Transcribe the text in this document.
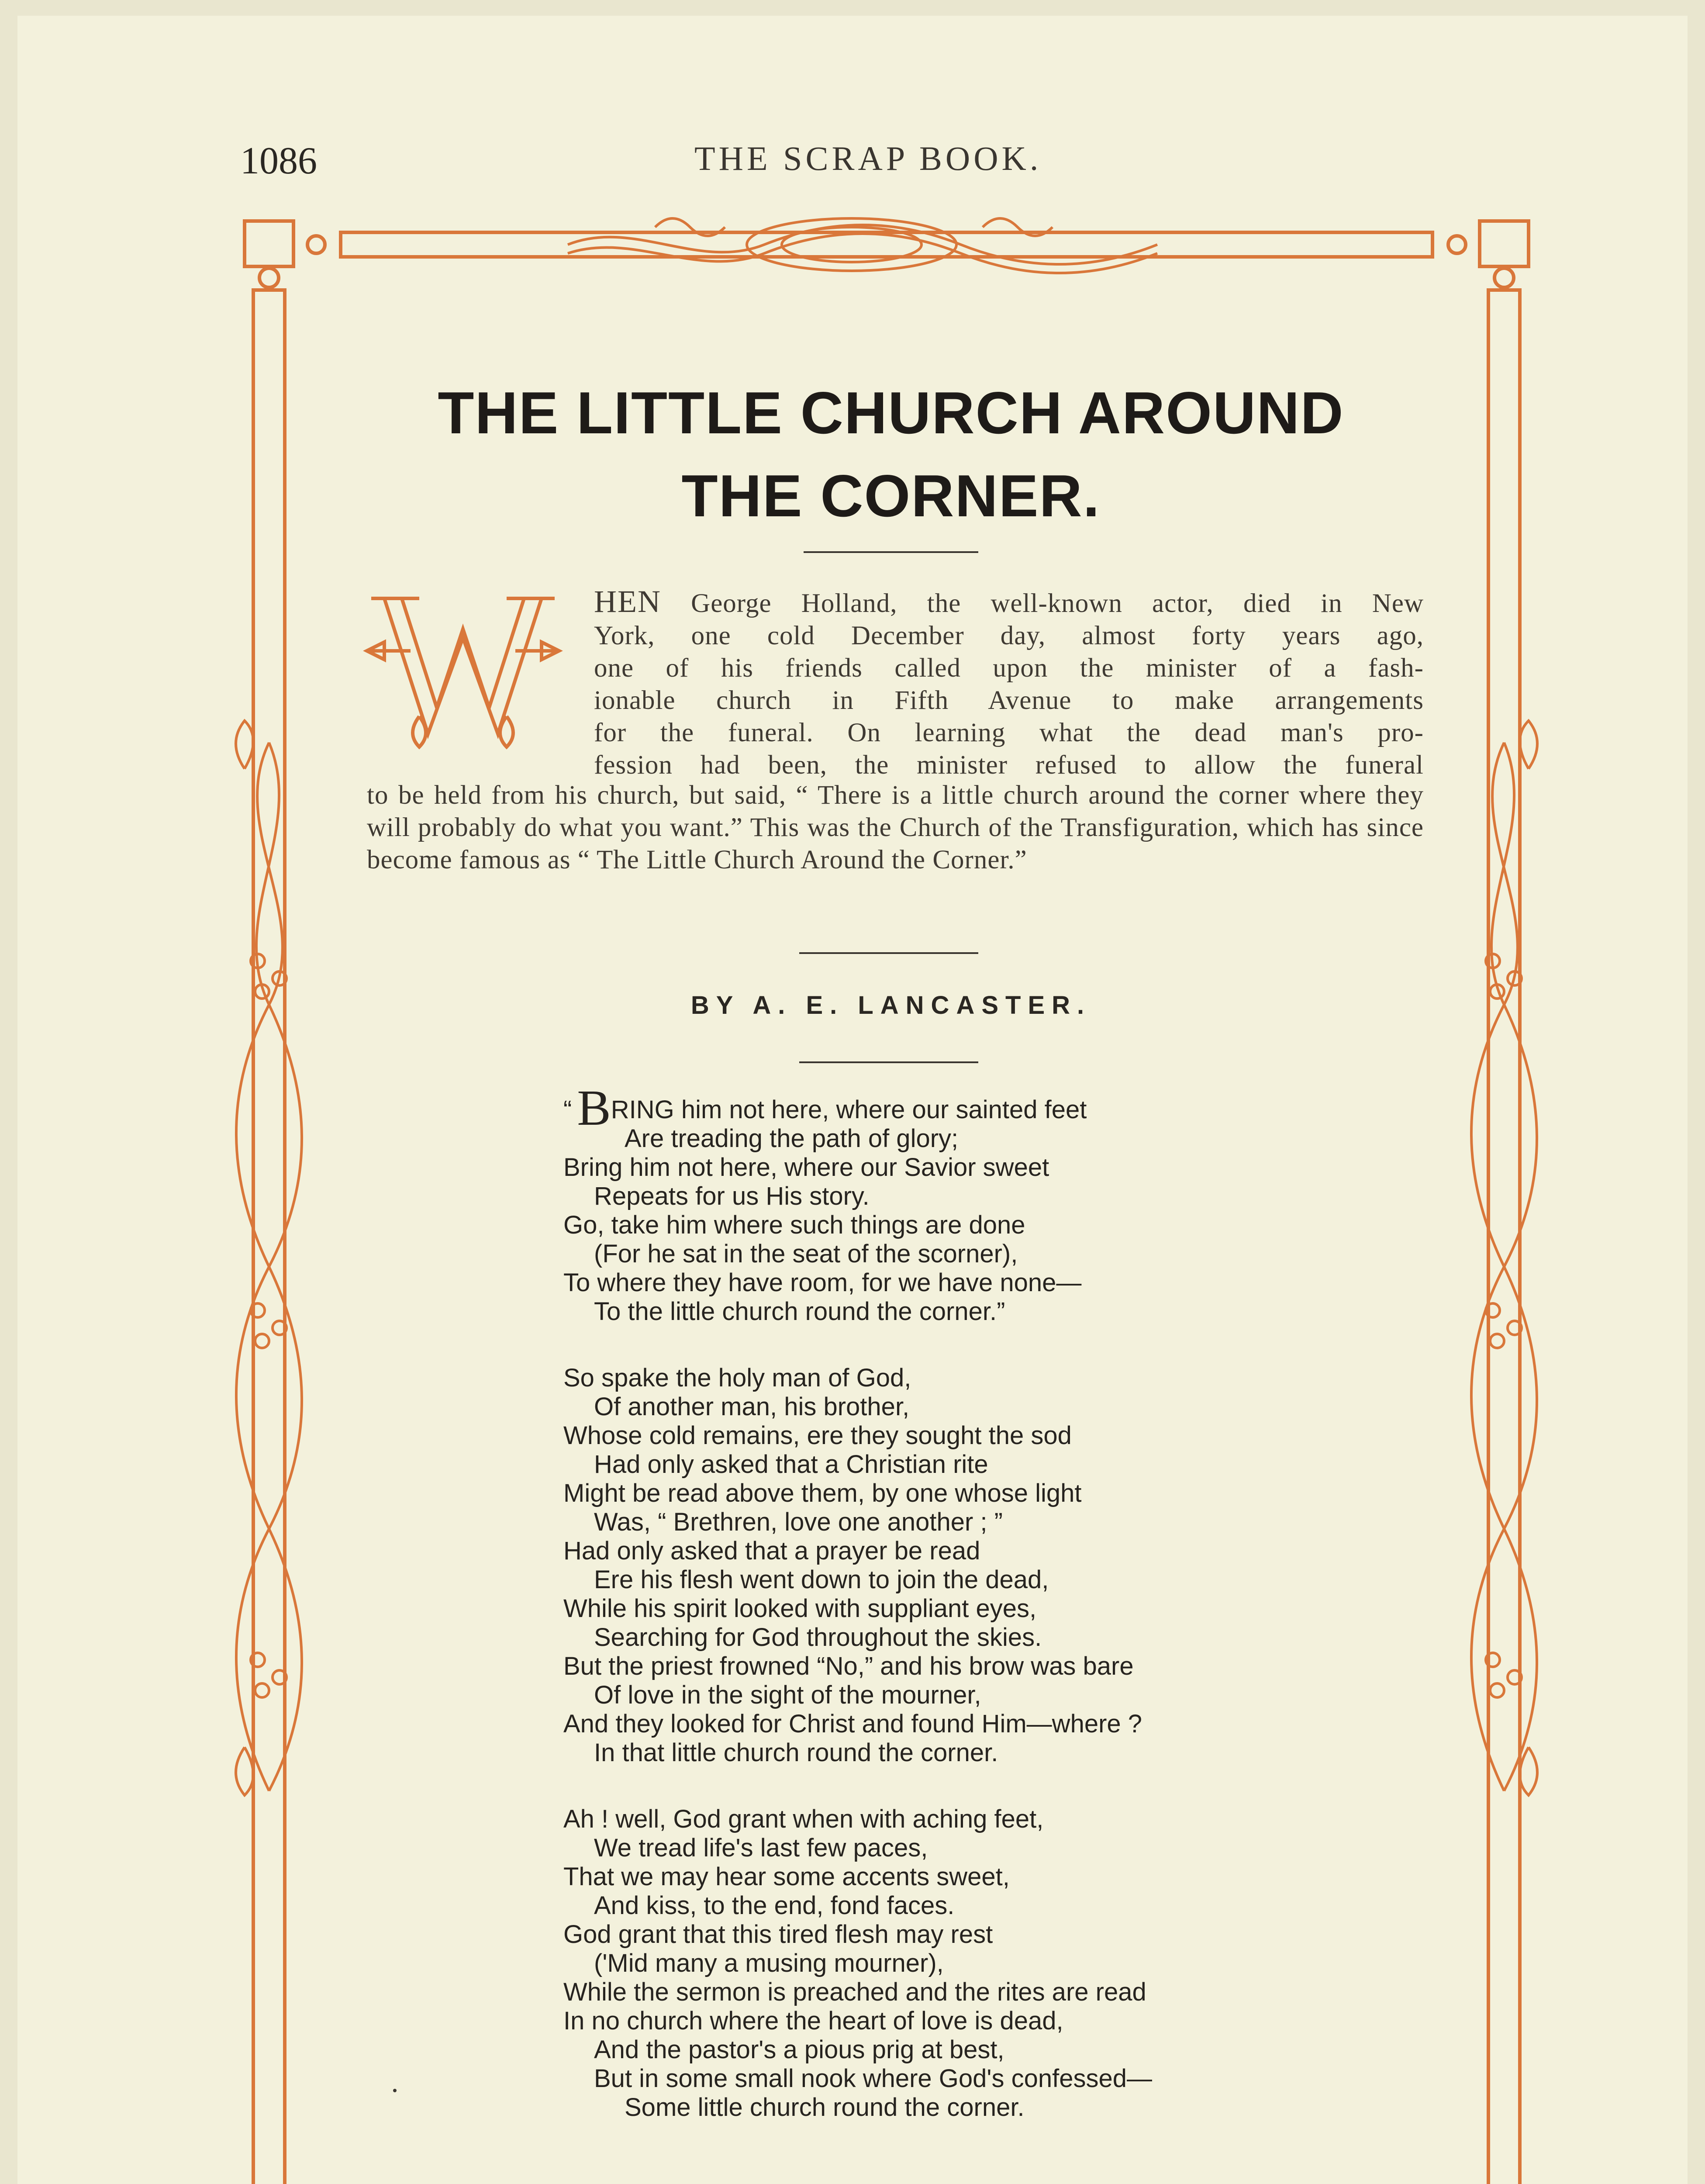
1086	THE SCRAP BOOK.
THE LITTLE CHURCH AROUND
THE CORNER.
W
HEN George Holland, the well-known actor, died in New
York, one cold December day, almost forty years ago,
one of his friends called upon the minister of a fash-
ionable church in Fifth Avenue to make arrangements
for the funeral. On learning what the dead man's pro-
fession had been, the minister refused to allow the funeral
to be held from his church, but said, “ There is a little church around the corner where they will probably do what you want.” This was the Church of the Transfiguration, which has since become famous as “ The Little Church Around the Corner.”
BY A. E. LANCASTER.
“ BRING him not here, where our sainted feet
Are treading the path of glory;
Bring him not here, where our Savior sweet
Repeats for us His story.
Go, take him where such things are done
(For he sat in the seat of the scorner),
To where they have room, for we have none—
To the little church round the corner.”
So spake the holy man of God,
Of another man, his brother,
Whose cold remains, ere they sought the sod
Had only asked that a Christian rite
Might be read above them, by one whose light
Was, “ Brethren, love one another ; ”
Had only asked that a prayer be read
Ere his flesh went down to join the dead,
While his spirit looked with suppliant eyes,
Searching for God throughout the skies.
But the priest frowned “No,” and his brow was bare
Of love in the sight of the mourner,
And they looked for Christ and found Him—where ?
In that little church round the corner.
Ah ! well, God grant when with aching feet,
We tread life's last few paces,
That we may hear some accents sweet,
And kiss, to the end, fond faces.
God grant that this tired flesh may rest
('Mid many a musing mourner),
While the sermon is preached and the rites are read
In no church where the heart of love is dead,
And the pastor's a pious prig at best,
But in some small nook where God's confessed—
Some little church round the corner.
